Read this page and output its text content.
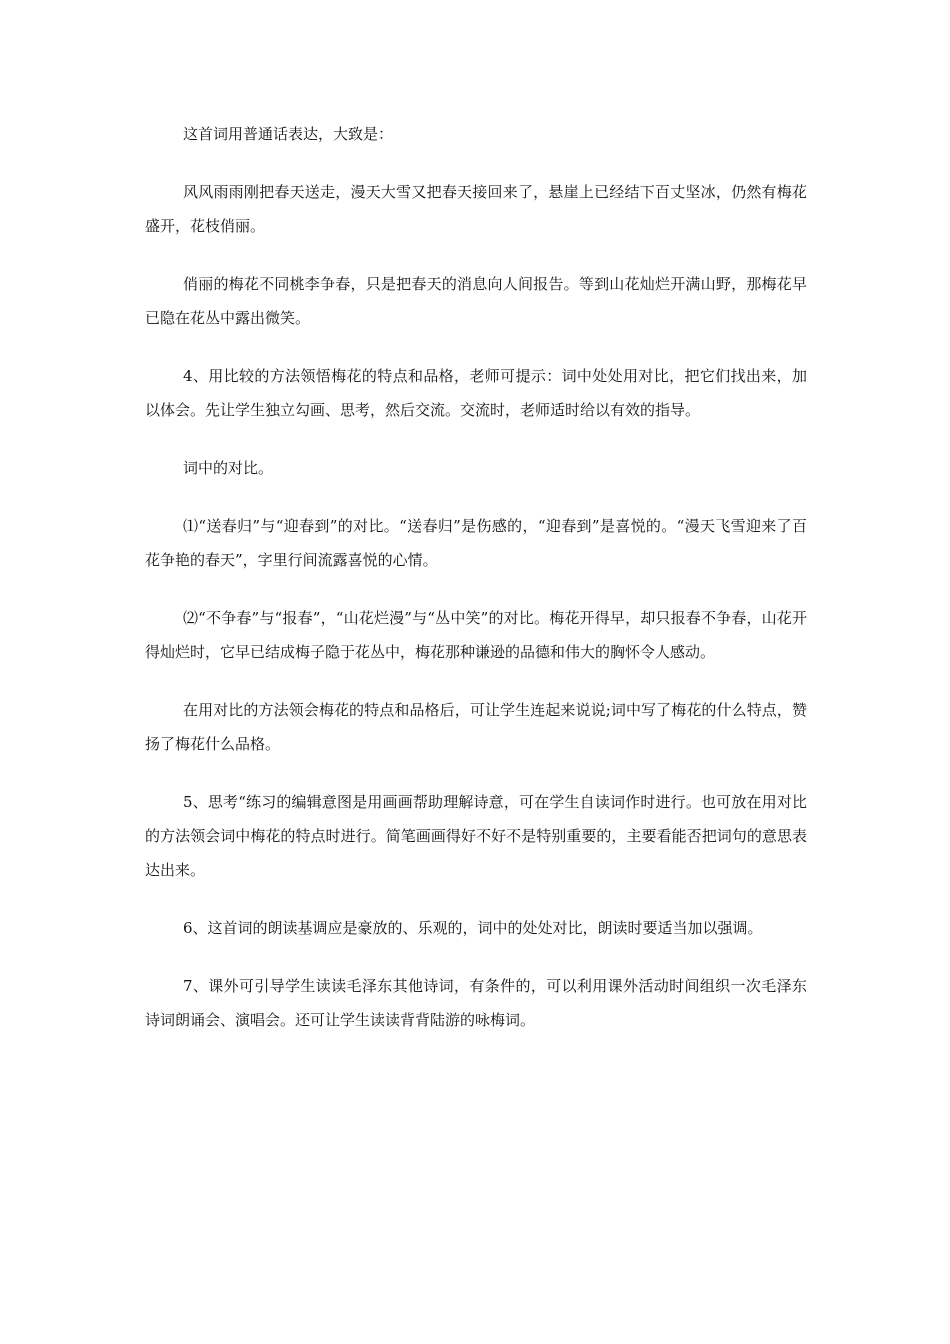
这首词用普通话表达，大致是：

风风雨雨刚把春天送走，漫天大雪又把春天接回来了，悬崖上已经结下百丈坚冰，仍然有梅花盛开，花枝俏丽。

俏丽的梅花不同桃李争春，只是把春天的消息向人间报告。等到山花灿烂开满山野，那梅花早已隐在花丛中露出微笑。

4、用比较的方法领悟梅花的特点和品格，老师可提示：词中处处用对比，把它们找出来，加以体会。先让学生独立勾画、思考，然后交流。交流时，老师适时给以有效的指导。

词中的对比。

⑴“送春归”与“迎春到”的对比。“送春归”是伤感的，“迎春到”是喜悦的。“漫天飞雪迎来了百花争艳的春天”，字里行间流露喜悦的心情。

⑵“不争春”与“报春”，“山花烂漫”与“丛中笑”的对比。梅花开得早，却只报春不争春，山花开得灿烂时，它早已结成梅子隐于花丛中，梅花那种谦逊的品德和伟大的胸怀令人感动。

在用对比的方法领会梅花的特点和品格后，可让学生连起来说说;词中写了梅花的什么特点，赞扬了梅花什么品格。

5、思考“练习的编辑意图是用画画帮助理解诗意，可在学生自读词作时进行。也可放在用对比的方法领会词中梅花的特点时进行。简笔画画得好不好不是特别重要的，主要看能否把词句的意思表达出来。

6、这首词的朗读基调应是豪放的、乐观的，词中的处处对比，朗读时要适当加以强调。

7、课外可引导学生读读毛泽东其他诗词，有条件的，可以利用课外活动时间组织一次毛泽东诗词朗诵会、演唱会。还可让学生读读背背陆游的咏梅词。
